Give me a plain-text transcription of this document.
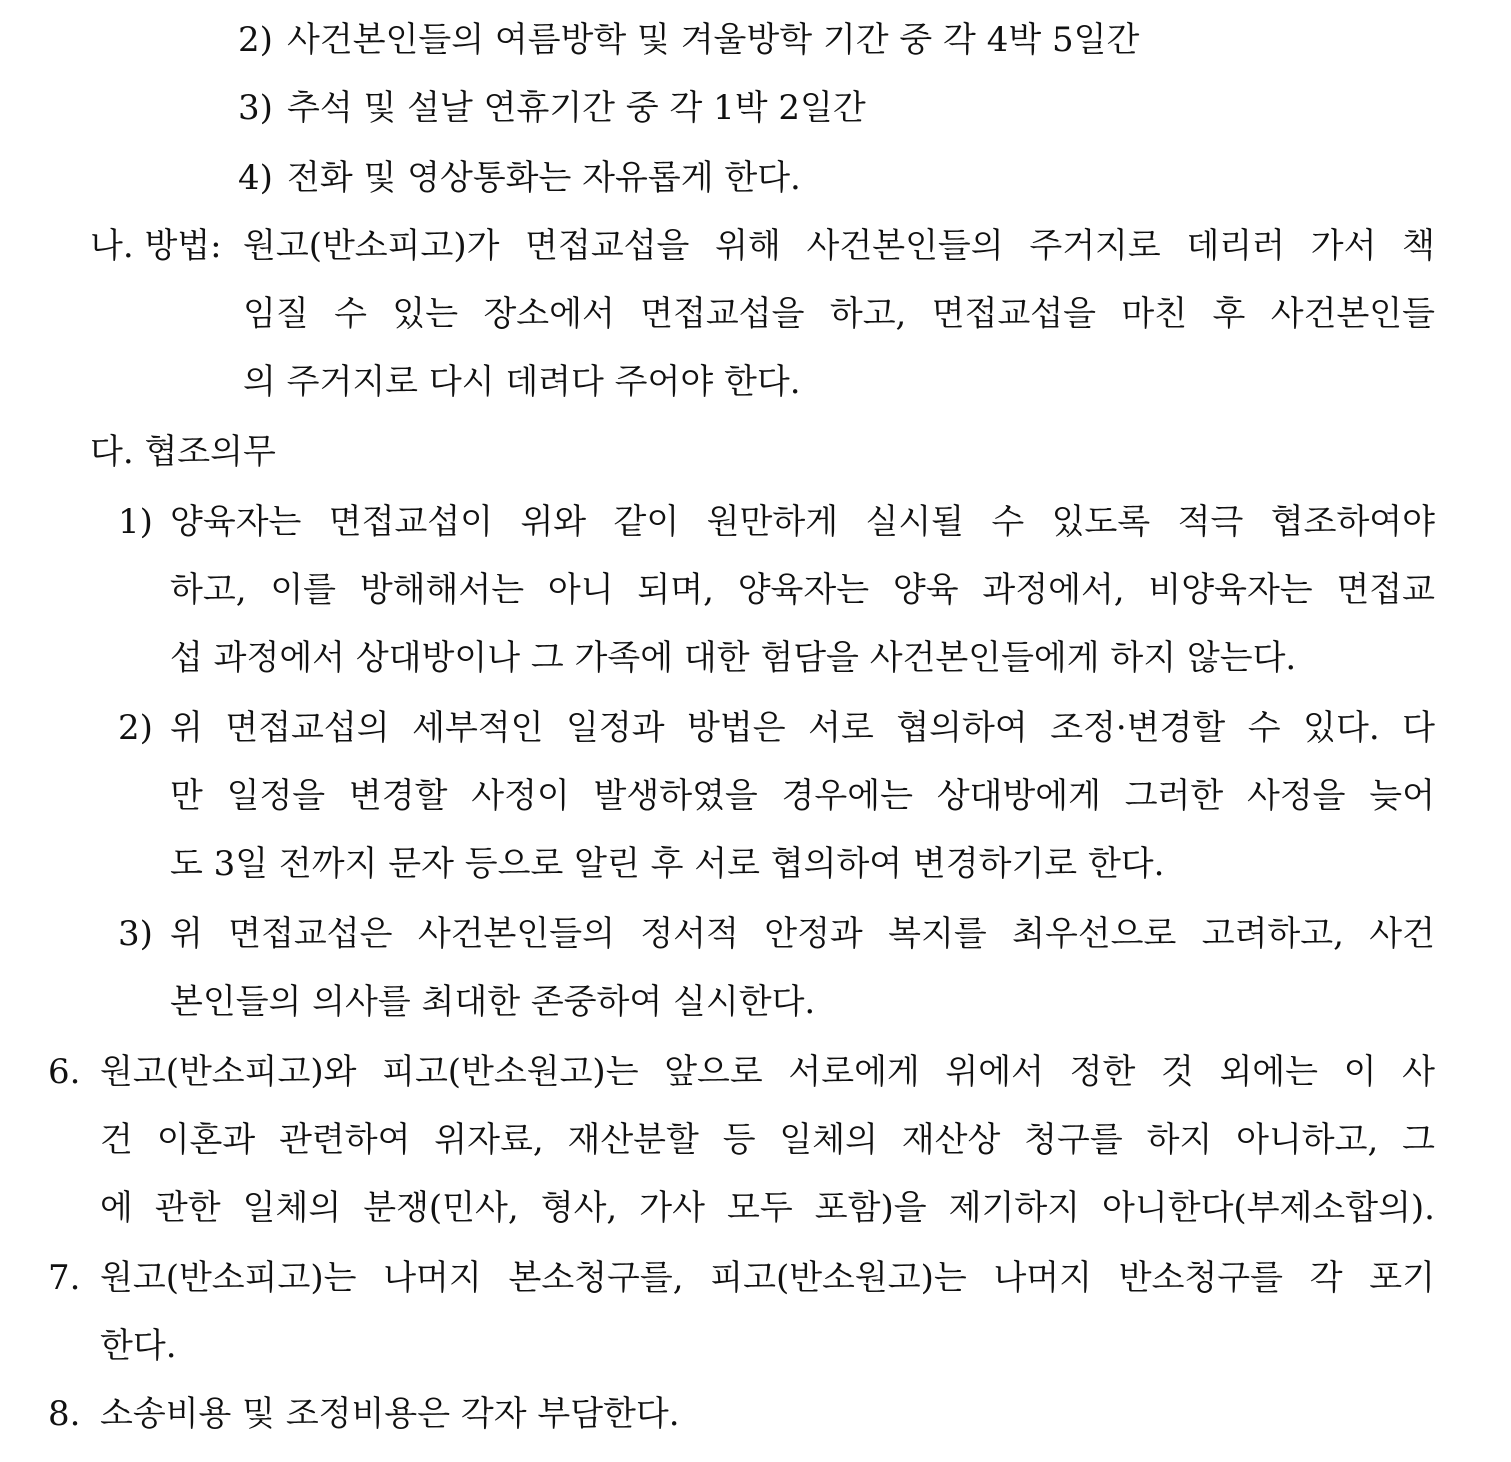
2) 사건본인들의 여름방학 및 겨울방학 기간 중 각 4박 5일간
3) 추석 및 설날 연휴기간 중 각 1박 2일간
4) 전화 및 영상통화는 자유롭게 한다.
나. 방법: 원고(반소피고)가 면접교섭을 위해 사건본인들의 주거지로 데리러 가서 책
임질 수 있는 장소에서 면접교섭을 하고, 면접교섭을 마친 후 사건본인들
의 주거지로 다시 데려다 주어야 한다.
다. 협조의무
1) 양육자는 면접교섭이 위와 같이 원만하게 실시될 수 있도록 적극 협조하여야
하고, 이를 방해해서는 아니 되며, 양육자는 양육 과정에서, 비양육자는 면접교
섭 과정에서 상대방이나 그 가족에 대한 험담을 사건본인들에게 하지 않는다.
2) 위 면접교섭의 세부적인 일정과 방법은 서로 협의하여 조정·변경할 수 있다. 다
만 일정을 변경할 사정이 발생하였을 경우에는 상대방에게 그러한 사정을 늦어
도 3일 전까지 문자 등으로 알린 후 서로 협의하여 변경하기로 한다.
3) 위 면접교섭은 사건본인들의 정서적 안정과 복지를 최우선으로 고려하고, 사건
본인들의 의사를 최대한 존중하여 실시한다.
6. 원고(반소피고)와 피고(반소원고)는 앞으로 서로에게 위에서 정한 것 외에는 이 사
건 이혼과 관련하여 위자료, 재산분할 등 일체의 재산상 청구를 하지 아니하고, 그
에 관한 일체의 분쟁(민사, 형사, 가사 모두 포함)을 제기하지 아니한다(부제소합의).
7. 원고(반소피고)는 나머지 본소청구를, 피고(반소원고)는 나머지 반소청구를 각 포기
한다.
8. 소송비용 및 조정비용은 각자 부담한다.
